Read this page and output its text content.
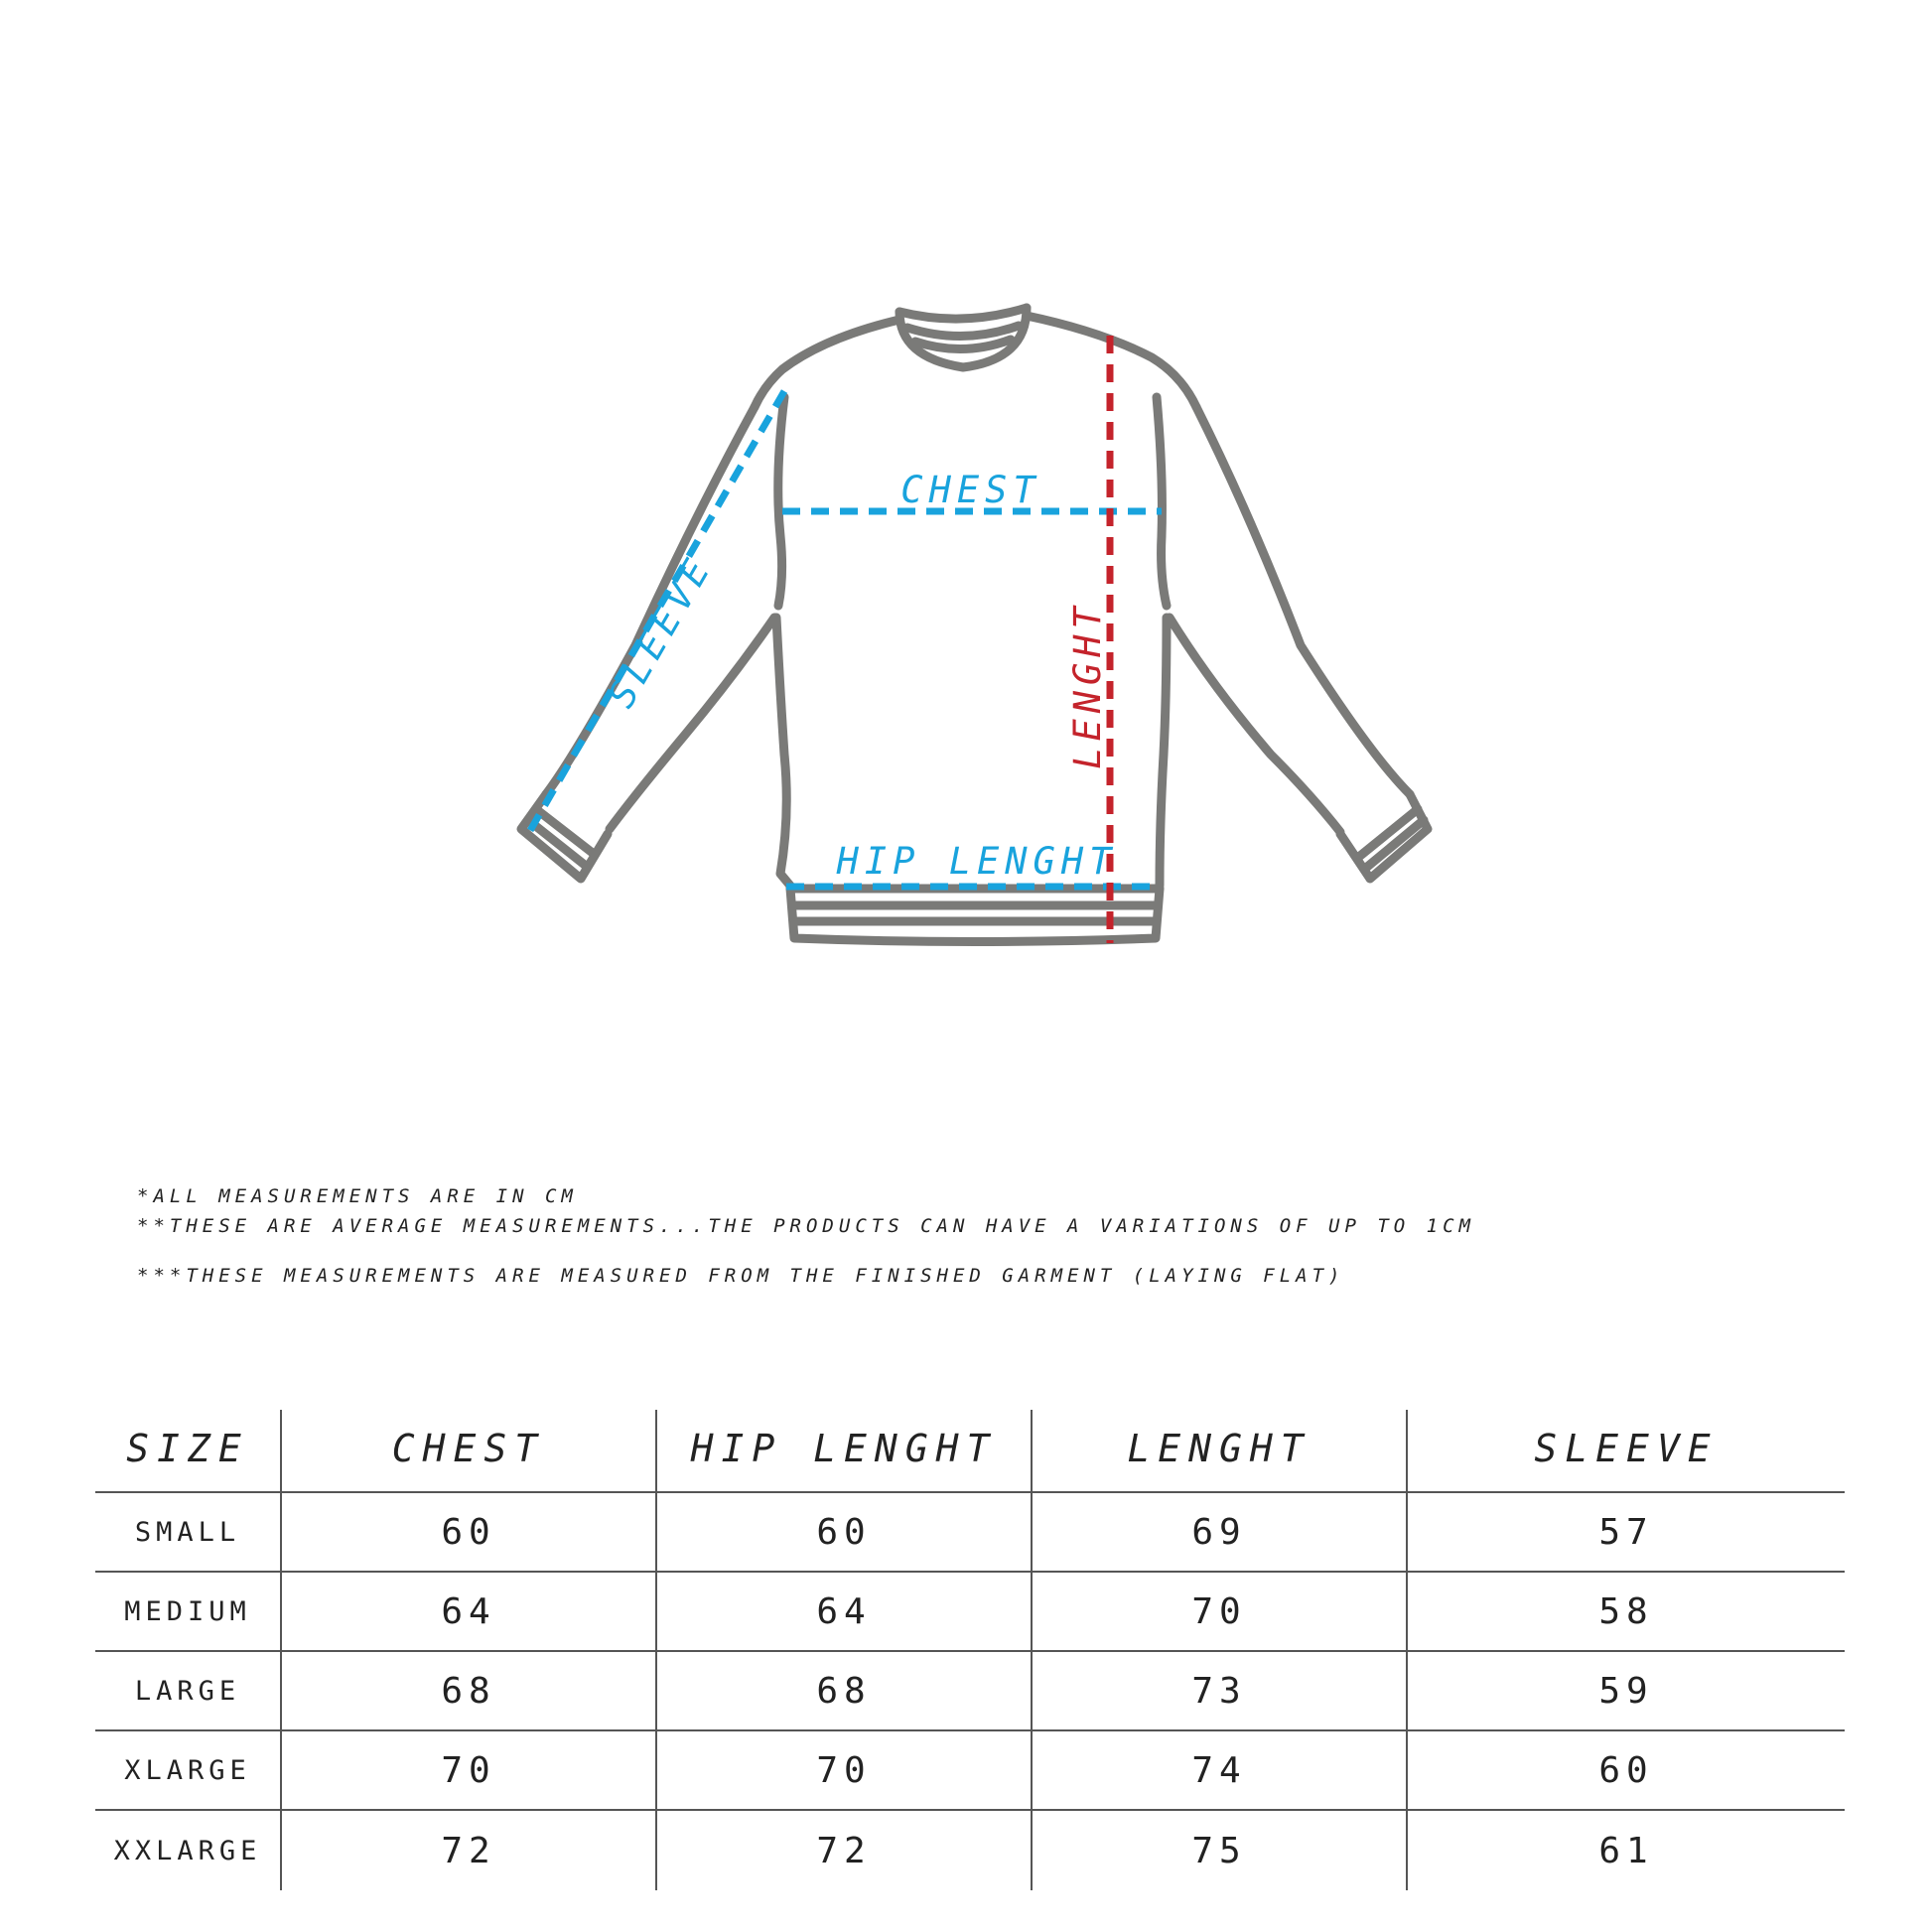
CHEST
HIP LENGHT
LENGHT
SLEEVE
*ALL MEASUREMENTS ARE IN CM
**THESE ARE AVERAGE MEASUREMENTS...THE PRODUCTS CAN HAVE A VARIATIONS OF UP TO 1CM
***THESE MEASUREMENTS ARE MEASURED FROM THE FINISHED GARMENT (LAYING FLAT)
SIZE	CHEST	HIP LENGHT	LENGHT	SLEEVE
SMALL	60	60	69	57
MEDIUM	64	64	70	58
LARGE	68	68	73	59
XLARGE	70	70	74	60
XXLARGE	72	72	75	61
